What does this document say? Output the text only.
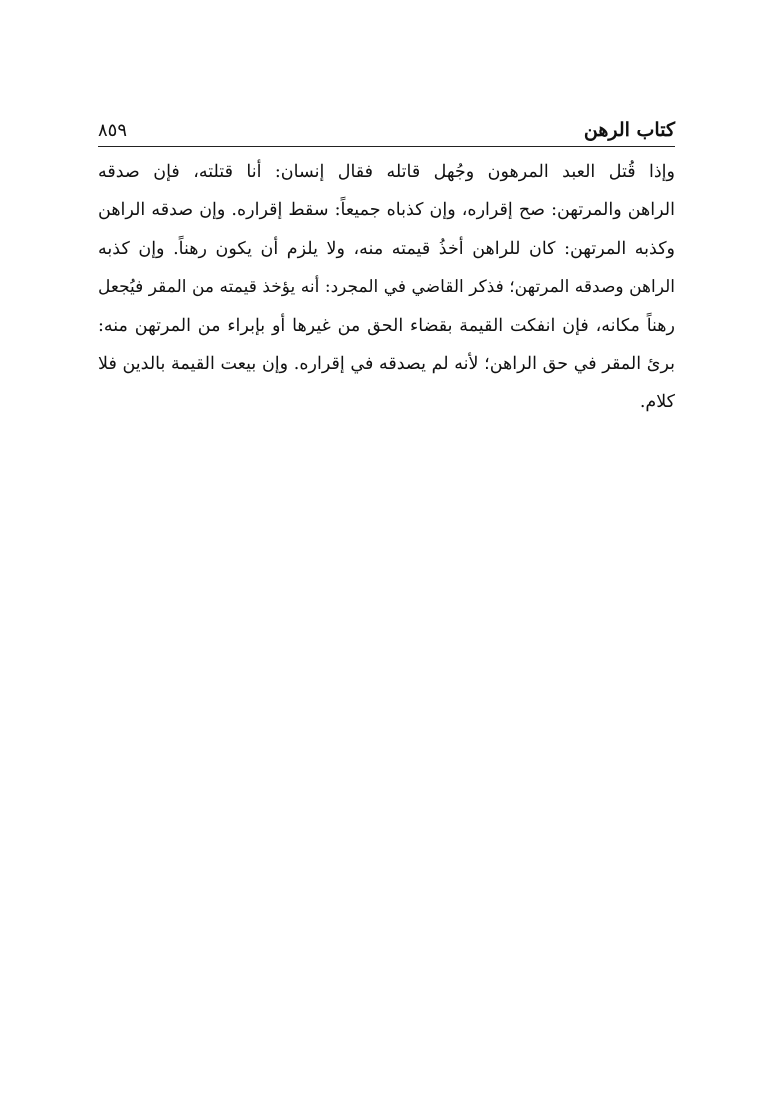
كتاب الرهن
٨٥٩
وإذا قُتل العبد المرهون وجُهل قاتله فقال إنسان: أنا قتلته، فإن صدقه
الراهن والمرتهن: صح إقراره، وإن كذباه جميعاً: سقط إقراره. وإن صدقه الراهن
وكذبه المرتهن: كان للراهن أخذُ قيمته منه، ولا يلزم أن يكون رهناً. وإن كذبه
الراهن وصدقه المرتهن؛ فذكر القاضي في المجرد: أنه يؤخذ قيمته من المقر فيُجعل
رهناً مكانه، فإن انفكت القيمة بقضاء الحق من غيرها أو بإبراء من المرتهن منه:
برئ المقر في حق الراهن؛ لأنه لم يصدقه في إقراره. وإن بيعت القيمة بالدين فلا
كلام.
